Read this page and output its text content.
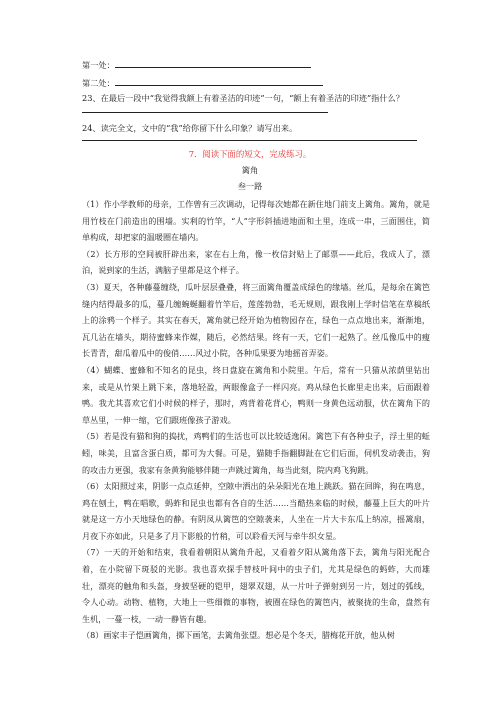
第一处：
第二处：
23、在最后一段中“我觉得我额上有着圣洁的印迹”一句，“额上有着圣洁的印迹”指什么？
24、读完全文，文中的“我”给你留下什么印象？请写出来。
7．阅读下面的短文，完成练习。
篱角
叁一路

（1）作小学教师的母亲，工作曾有三次调动，记得每次她都在新住地门前支上篱角。篱角，就是用竹枝在门前造出的围墙。实利的竹竿，“人”字形斜插进地面和土里，连成一串，三面围住，简单构成，却把家的温暖圈在墙内。

（2）长方形的空间被肝辟出来，家在右上角，像一枚信封贴上了邮票——此后，我成人了，漂泊，说到家的生活，满脑子里都是这个样子。

（3）夏天，各种藤蔓缠绕，瓜叶层层叠叠，将三面篱角覆盖成绿色的缘墙。丝瓜，是每余在篱笆缝内结得最多的瓜，蔓几缠蜿蜒翻着竹竿后，莲莲勃勃，毛无规则，跟我刚上学时信笔在草稿纸上的涂鸦一个样子。其实在春天，篱角就已经开始为植物园存在，绿色一点点地出来，渐渐地，瓦几沾在墙头，期待蜜蜂来作媒，随后，必然结果。终有一天，它们一起熟了。丝瓜像瓜中的瘦长青青，甜瓜着瓜中的俊俏……风过小院，各种瓜果要为地摇首弄姿。

（4）蝴蝶、蜜蜂和不知名的昆虫，终日盘旋在篱角和小院里。午后，常有一只猫从浓荫里钻出来，或是从竹架上跳下来，落地轻盈，两眼像盒子一样闪亮。鸡从绿色长廊里走出来，后面跟着鸭。我尤其喜欢它们小时候的样子，那时，鸡背着花背心，鸭则一身黄色远动服，伏在篱角下的草丛里，一伸一缩，它们跟班像孩子游戏。

（5）若是没有猫和狗的捣扰，鸡鸭们的生活也可以比较适逸闲。篱笆下有各种虫子，浮土里的蚯蚓，味美，且富含蛋白质，都可为大餐。可是，猫随手指翻脚趾在它们后面，伺机发动袭击，狗的攻击力更强，我家有条黄狗能够伴随一声跳过篱角，每当此刻，院内鸡飞狗跳。

（6）太阳照过来，阴影一点点延伸，空隙中洒出的朵朵阳光在地上跳跃。猫在回眸，狗在鸣息，鸡在刨土，鸭在唱歌，蚂蚱和昆虫也都有各自的生活……当酷热来临的时候，藤蔓上巨大的叶片就是这一方小天地绿色的静。有阴凤从篱笆的空隙袭来，人坐在一片大卡东瓜上纳凉，摇篱扇，月夜下亦如此，只是多了月下影般的竹稍，可以聆看天河与牵牛织女星。

（7）一天的开始和结束，我看着朝阳从篱角升起，又看着夕阳从篱角落下去，篱角与阳光配合着，在小院留下斑驳的光影。我也喜欢探手替枝叶间中的虫子们，尤其是绿色的蚂蚱，大而雄壮，漂亮的触角和头盔，身披坚硬的铠甲，翅翠双翅，从一片叶子弹射到另一片，划过的弧线，令人心动。动物、植物，大地上一些细微的事物，被圈在绿色的篱笆内，被聚拢的生命，盘然有生机，一蔓一枝，一动一静皆有趣。

（8）画家丰子恺画篱角，掷下画笔，去篱角张望。想必是个冬天，腊梅花开放，他从树
